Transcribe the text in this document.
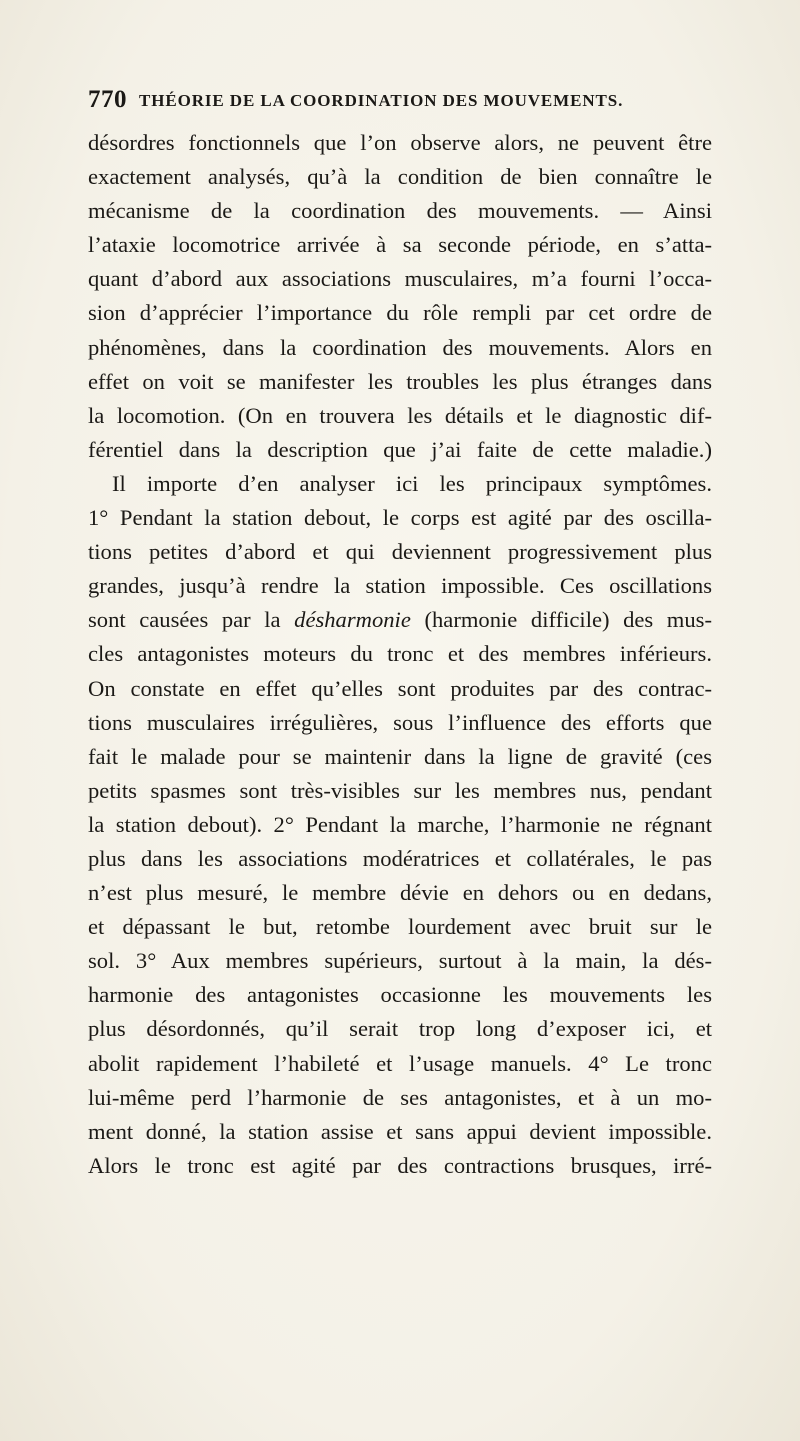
770 THÉORIE DE LA COORDINATION DES MOUVEMENTS.
désordres fonctionnels que l’on observe alors, ne peuvent être
exactement analysés, qu’à la condition de bien connaître le
mécanisme de la coordination des mouvements. — Ainsi
l’ataxie locomotrice arrivée à sa seconde période, en s’atta-
quant d’abord aux associations musculaires, m’a fourni l’occa-
sion d’apprécier l’importance du rôle rempli par cet ordre de
phénomènes, dans la coordination des mouvements. Alors en
effet on voit se manifester les troubles les plus étranges dans
la locomotion. (On en trouvera les détails et le diagnostic dif-
férentiel dans la description que j’ai faite de cette maladie.)
Il importe d’en analyser ici les principaux symptômes.
1° Pendant la station debout, le corps est agité par des oscilla-
tions petites d’abord et qui deviennent progressivement plus
grandes, jusqu’à rendre la station impossible. Ces oscillations
sont causées par la désharmonie (harmonie difficile) des mus-
cles antagonistes moteurs du tronc et des membres inférieurs.
On constate en effet qu’elles sont produites par des contrac-
tions musculaires irrégulières, sous l’influence des efforts que
fait le malade pour se maintenir dans la ligne de gravité (ces
petits spasmes sont très-visibles sur les membres nus, pendant
la station debout). 2° Pendant la marche, l’harmonie ne régnant
plus dans les associations modératrices et collatérales, le pas
n’est plus mesuré, le membre dévie en dehors ou en dedans,
et dépassant le but, retombe lourdement avec bruit sur le
sol. 3° Aux membres supérieurs, surtout à la main, la dés-
harmonie des antagonistes occasionne les mouvements les
plus désordonnés, qu’il serait trop long d’exposer ici, et
abolit rapidement l’habileté et l’usage manuels. 4° Le tronc
lui-même perd l’harmonie de ses antagonistes, et à un mo-
ment donné, la station assise et sans appui devient impossible.
Alors le tronc est agité par des contractions brusques, irré-
